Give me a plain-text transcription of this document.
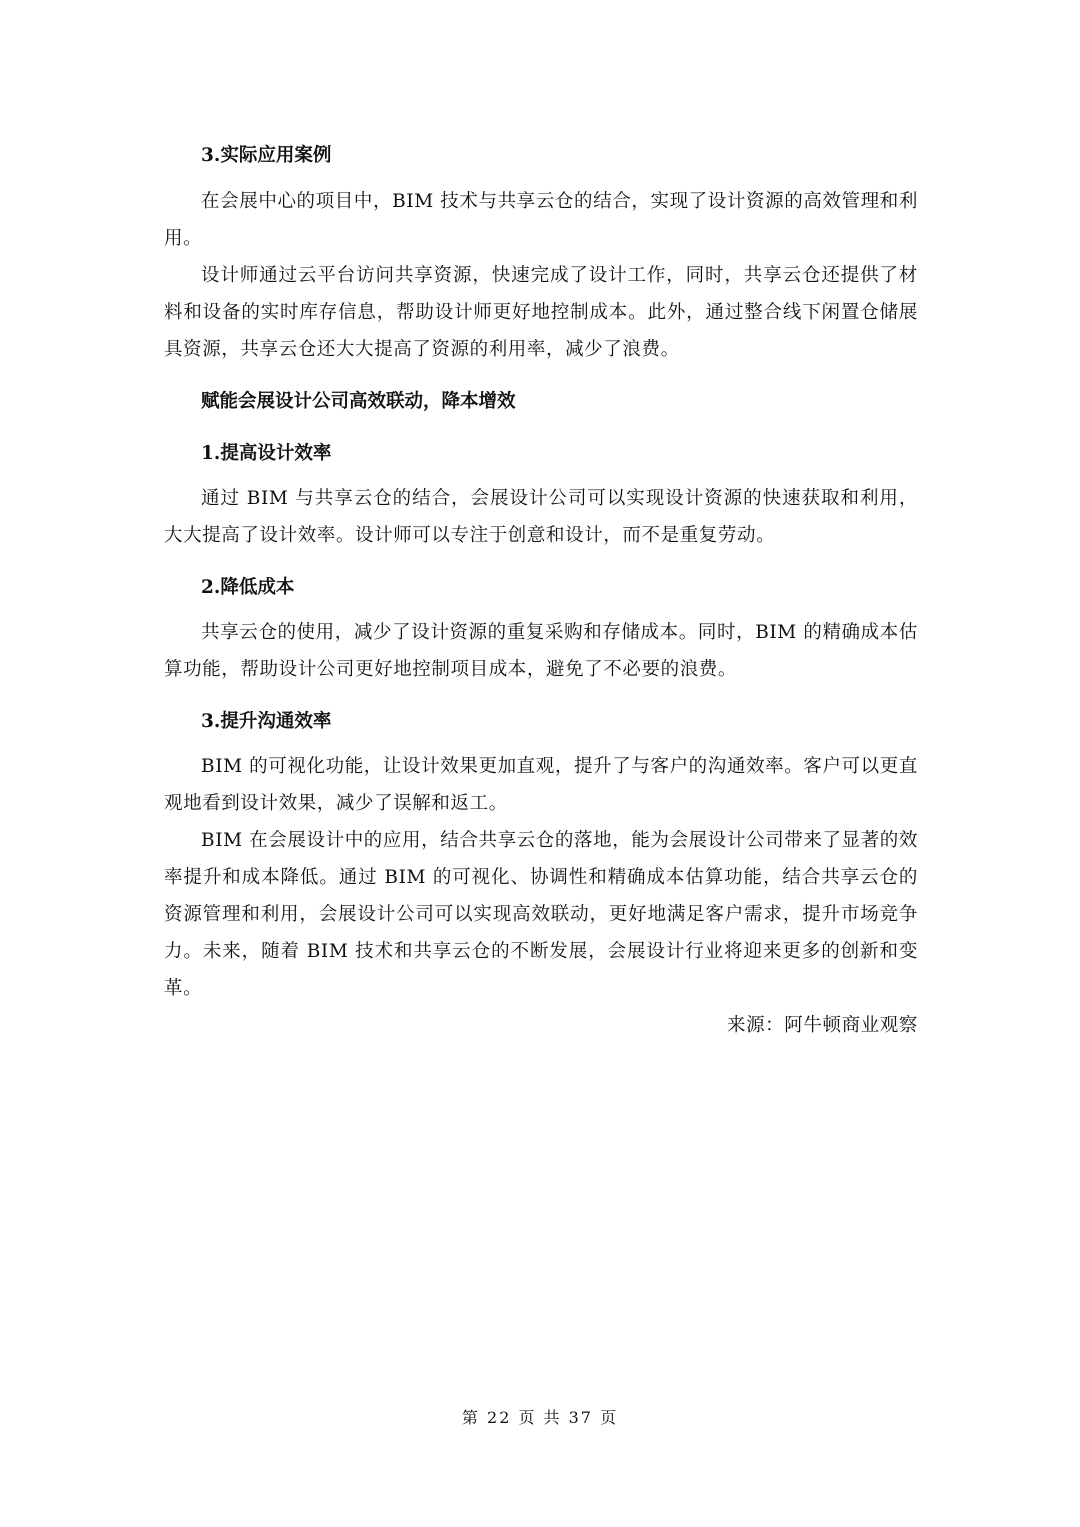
3.实际应用案例

在会展中心的项目中，BIM 技术与共享云仓的结合，实现了设计资源的高效管理和利用。

设计师通过云平台访问共享资源，快速完成了设计工作，同时，共享云仓还提供了材料和设备的实时库存信息，帮助设计师更好地控制成本。此外，通过整合线下闲置仓储展具资源，共享云仓还大大提高了资源的利用率，减少了浪费。

赋能会展设计公司高效联动，降本增效

1.提高设计效率

通过 BIM 与共享云仓的结合，会展设计公司可以实现设计资源的快速获取和利用，大大提高了设计效率。设计师可以专注于创意和设计，而不是重复劳动。

2.降低成本

共享云仓的使用，减少了设计资源的重复采购和存储成本。同时，BIM 的精确成本估算功能，帮助设计公司更好地控制项目成本，避免了不必要的浪费。

3.提升沟通效率

BIM 的可视化功能，让设计效果更加直观，提升了与客户的沟通效率。客户可以更直观地看到设计效果，减少了误解和返工。

BIM 在会展设计中的应用，结合共享云仓的落地，能为会展设计公司带来了显著的效率提升和成本降低。通过 BIM 的可视化、协调性和精确成本估算功能，结合共享云仓的资源管理和利用，会展设计公司可以实现高效联动，更好地满足客户需求，提升市场竞争力。未来，随着 BIM 技术和共享云仓的不断发展，会展设计行业将迎来更多的创新和变革。

来源：阿牛顿商业观察

第 22 页 共 37 页
